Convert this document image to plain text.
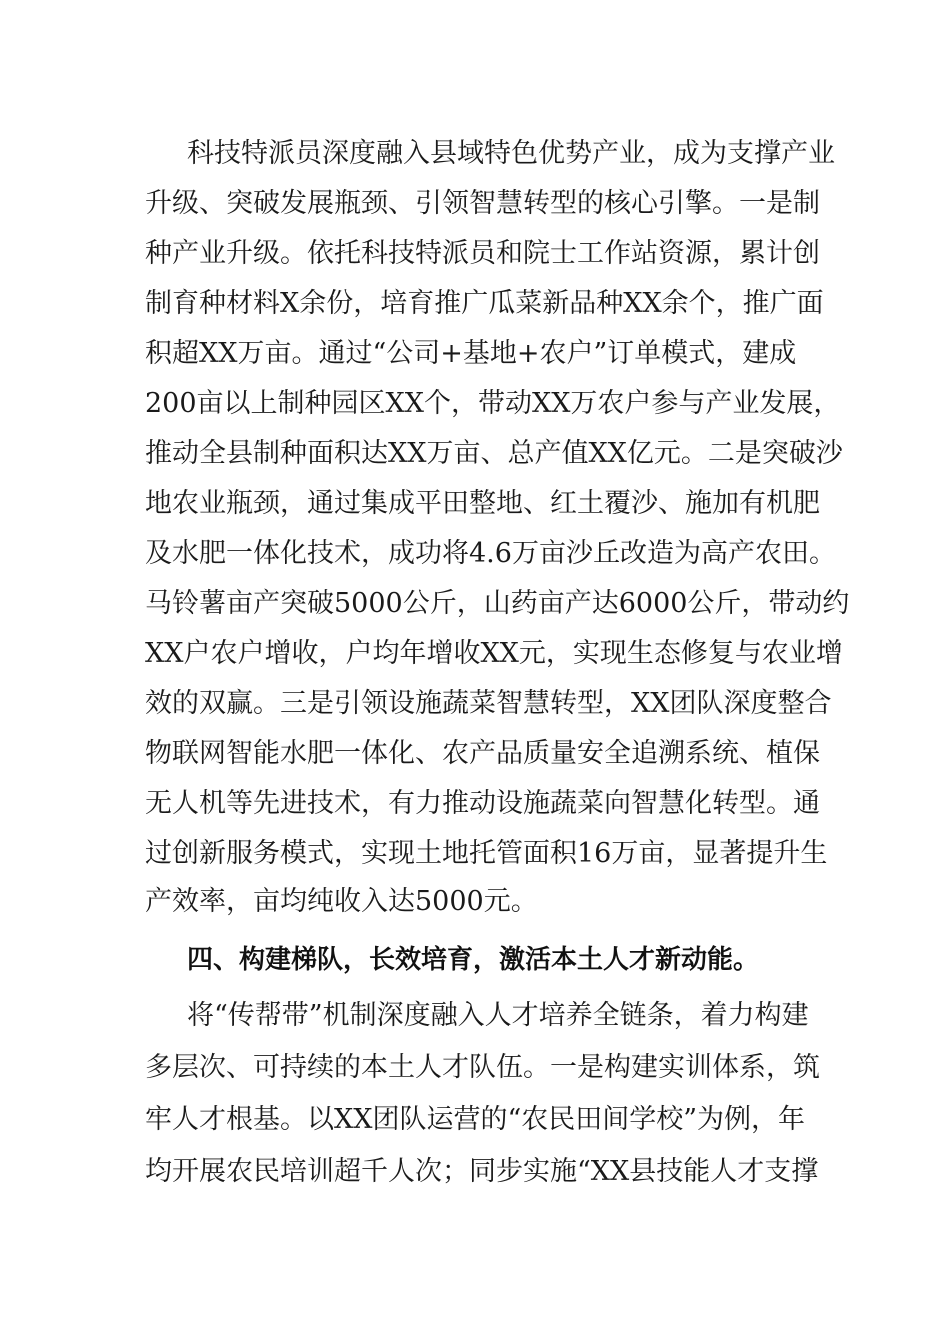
科技特派员深度融入县域特色优势产业，成为支撑产业
升级、突破发展瓶颈、引领智慧转型的核心引擎。一是制
种产业升级。依托科技特派员和院士工作站资源，累计创
制育种材料X余份，培育推广瓜菜新品种XX余个，推广面
积超XX万亩。通过“公司+基地+农户”订单模式，建成
200亩以上制种园区XX个，带动XX万农户参与产业发展，
推动全县制种面积达XX万亩、总产值XX亿元。二是突破沙
地农业瓶颈，通过集成平田整地、红土覆沙、施加有机肥
及水肥一体化技术，成功将4.6万亩沙丘改造为高产农田。
马铃薯亩产突破5000公斤，山药亩产达6000公斤，带动约
XX户农户增收，户均年增收XX元，实现生态修复与农业增
效的双赢。三是引领设施蔬菜智慧转型，XX团队深度整合
物联网智能水肥一体化、农产品质量安全追溯系统、植保
无人机等先进技术，有力推动设施蔬菜向智慧化转型。通
过创新服务模式，实现土地托管面积16万亩，显著提升生
产效率，亩均纯收入达5000元。
四、构建梯队，长效培育，激活本土人才新动能。
将“传帮带”机制深度融入人才培养全链条，着力构建
多层次、可持续的本土人才队伍。一是构建实训体系，筑
牢人才根基。以XX团队运营的“农民田间学校”为例，年
均开展农民培训超千人次；同步实施“XX县技能人才支撑
